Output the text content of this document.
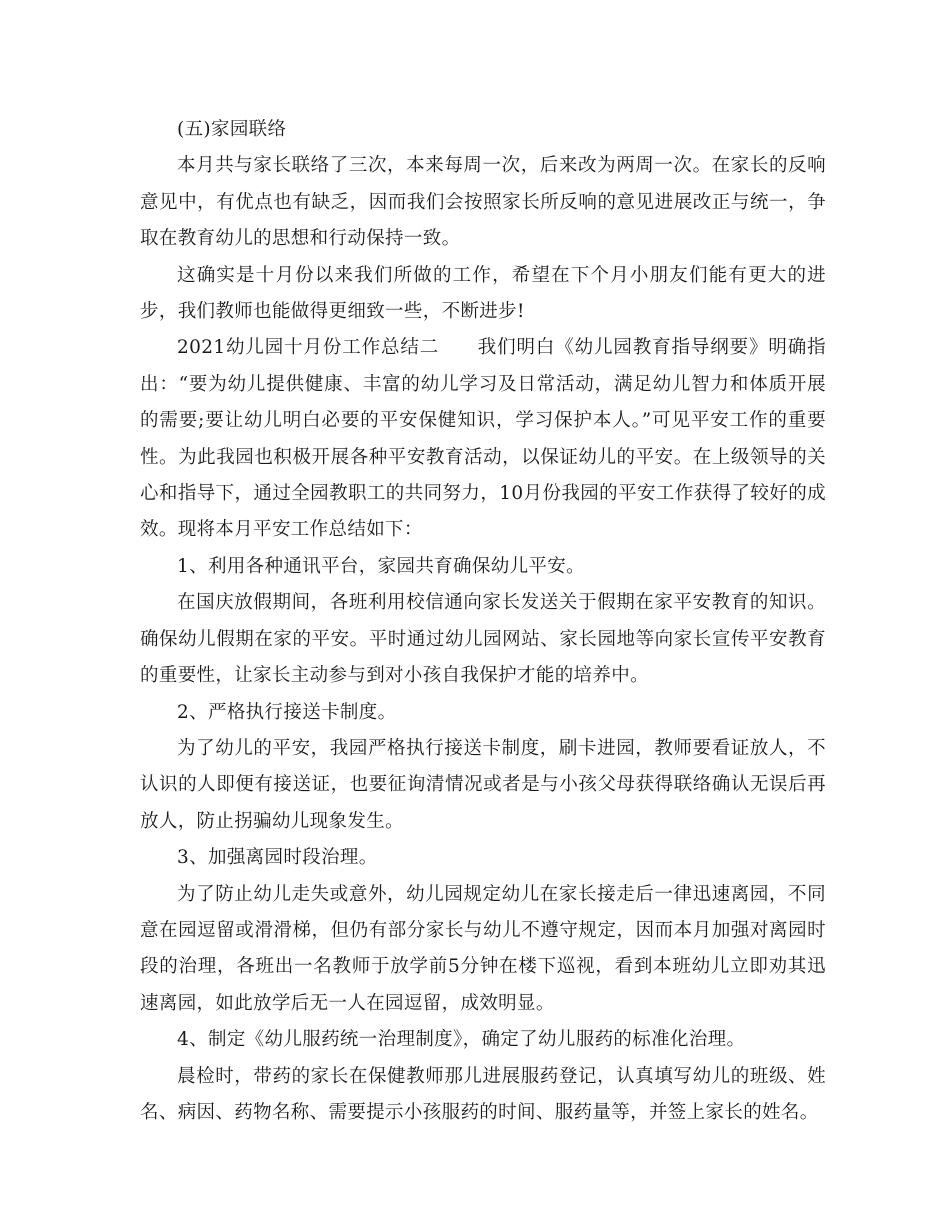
(五)家园联络

本月共与家长联络了三次，本来每周一次，后来改为两周一次。在家长的反响意见中，有优点也有缺乏，因而我们会按照家长所反响的意见进展改正与统一，争取在教育幼儿的思想和行动保持一致。

这确实是十月份以来我们所做的工作，希望在下个月小朋友们能有更大的进步，我们教师也能做得更细致一些，不断进步!

2021幼儿园十月份工作总结二 我们明白《幼儿园教育指导纲要》明确指出：“要为幼儿提供健康、丰富的幼儿学习及日常活动，满足幼儿智力和体质开展的需要;要让幼儿明白必要的平安保健知识，学习保护本人。”可见平安工作的重要性。为此我园也积极开展各种平安教育活动，以保证幼儿的平安。在上级领导的关心和指导下，通过全园教职工的共同努力，10月份我园的平安工作获得了较好的成效。现将本月平安工作总结如下：

1、利用各种通讯平台，家园共育确保幼儿平安。

在国庆放假期间，各班利用校信通向家长发送关于假期在家平安教育的知识。确保幼儿假期在家的平安。平时通过幼儿园网站、家长园地等向家长宣传平安教育的重要性，让家长主动参与到对小孩自我保护才能的培养中。

2、严格执行接送卡制度。

为了幼儿的平安，我园严格执行接送卡制度，刷卡进园，教师要看证放人，不认识的人即便有接送证，也要征询清情况或者是与小孩父母获得联络确认无误后再放人，防止拐骗幼儿现象发生。

3、加强离园时段治理。

为了防止幼儿走失或意外，幼儿园规定幼儿在家长接走后一律迅速离园，不同意在园逗留或滑滑梯，但仍有部分家长与幼儿不遵守规定，因而本月加强对离园时段的治理，各班出一名教师于放学前5分钟在楼下巡视，看到本班幼儿立即劝其迅速离园，如此放学后无一人在园逗留，成效明显。

4、制定《幼儿服药统一治理制度》，确定了幼儿服药的标准化治理。

晨检时，带药的家长在保健教师那儿进展服药登记，认真填写幼儿的班级、姓名、病因、药物名称、需要提示小孩服药的时间、服药量等，并签上家长的姓名。
